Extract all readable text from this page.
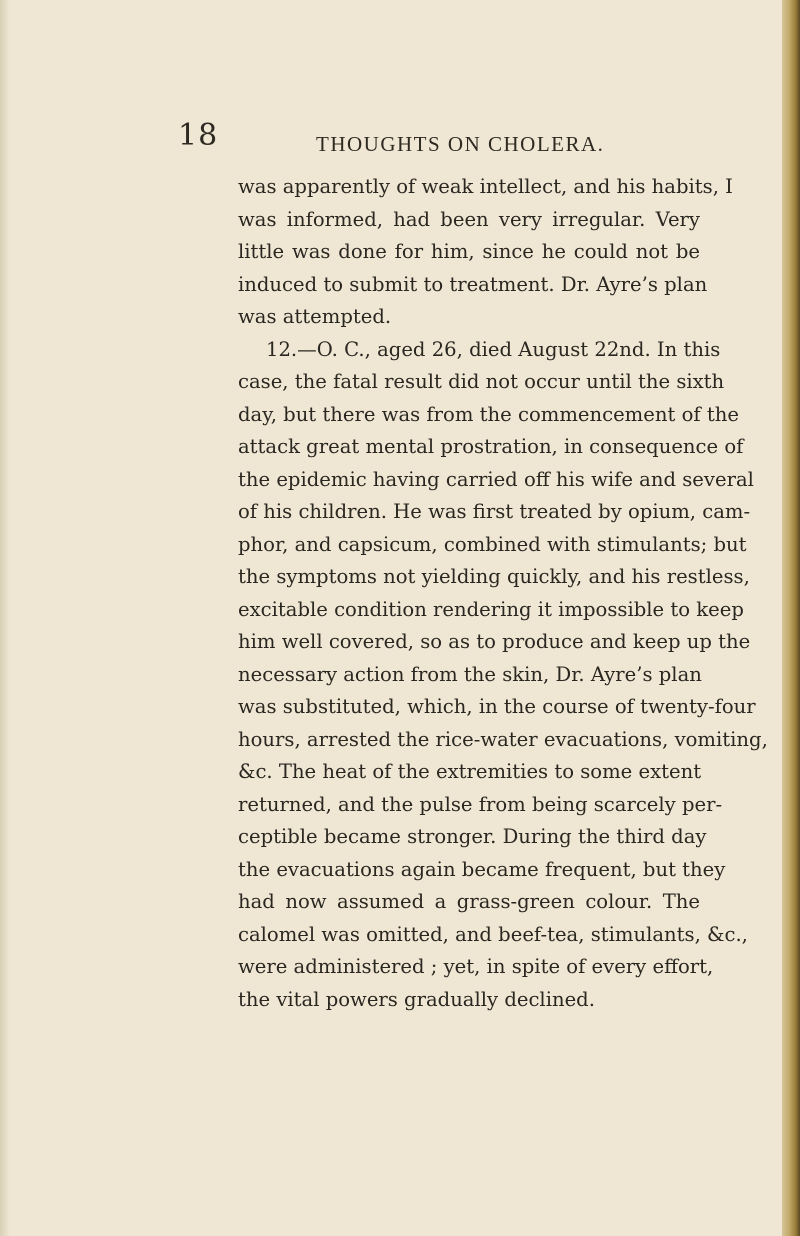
18	THOUGHTS ON CHOLERA.
was apparently of weak intellect, and his habits, I
was informed, had been very irregular. Very
little was done for him, since he could not be
induced to submit to treatment. Dr. Ayre’s plan
was attempted.
12.—O. C., aged 26, died August 22nd. In this
case, the fatal result did not occur until the sixth
day, but there was from the commencement of the
attack great mental prostration, in consequence of
the epidemic having carried off his wife and several
of his children. He was first treated by opium, cam-
phor, and capsicum, combined with stimulants; but
the symptoms not yielding quickly, and his restless,
excitable condition rendering it impossible to keep
him well covered, so as to produce and keep up the
necessary action from the skin, Dr. Ayre’s plan
was substituted, which, in the course of twenty-four
hours, arrested the rice-water evacuations, vomiting,
&c. The heat of the extremities to some extent
returned, and the pulse from being scarcely per-
ceptible became stronger. During the third day
the evacuations again became frequent, but they
had now assumed a grass-green colour. The
calomel was omitted, and beef-tea, stimulants, &c.,
were administered ; yet, in spite of every effort,
the vital powers gradually declined.
